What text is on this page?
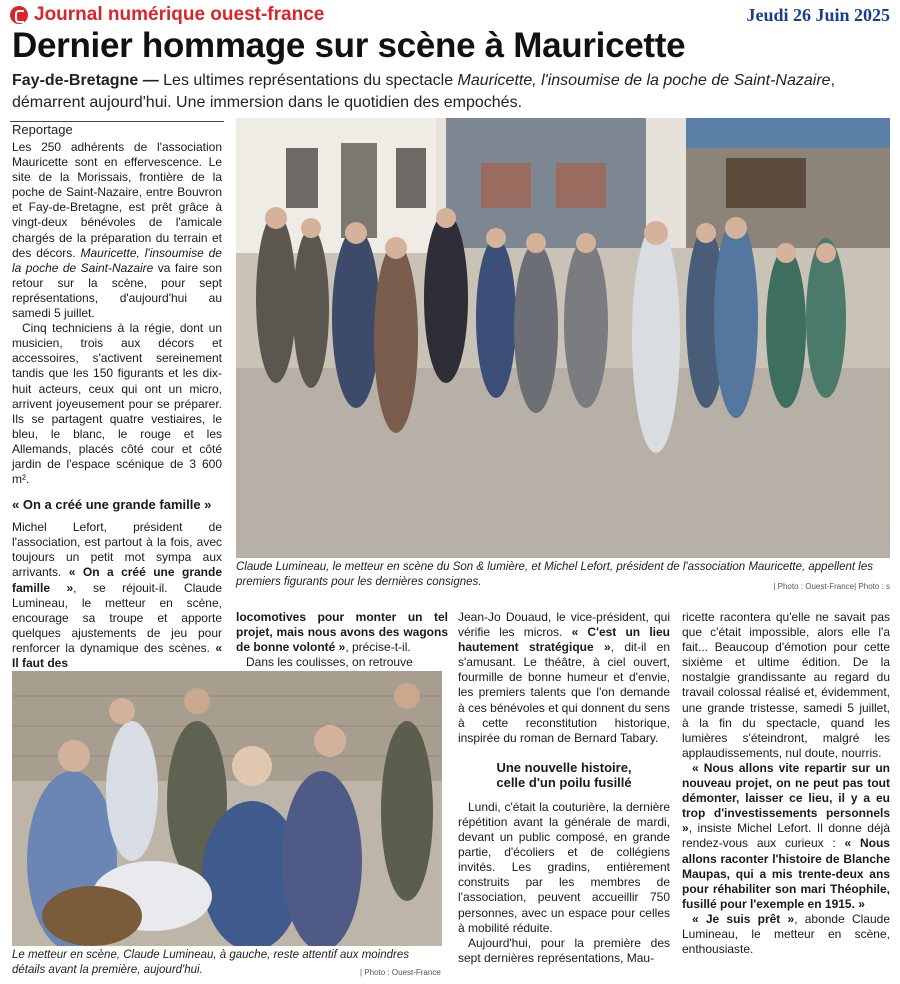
Journal numérique ouest-france	Jeudi 26 Juin 2025
Dernier hommage sur scène à Mauricette
Fay-de-Bretagne — Les ultimes représentations du spectacle Mauricette, l'insoumise de la poche de Saint-Nazaire, démarrent aujourd'hui. Une immersion dans le quotidien des empochés.
Reportage

Les 250 adhérents de l'association Mauricette sont en effervescence. Le site de la Morissais, frontière de la poche de Saint-Nazaire, entre Bouvron et Fay-de-Bretagne, est prêt grâce à vingt-deux bénévoles de l'amicale chargés de la préparation du terrain et des décors. Mauricette, l'insoumise de la poche de Saint-Nazaire va faire son retour sur la scène, pour sept représentations, d'aujourd'hui au samedi 5 juillet.

Cinq techniciens à la régie, dont un musicien, trois aux décors et accessoires, s'activent sereinement tandis que les 150 figurants et les dix-huit acteurs, ceux qui ont un micro, arrivent joyeusement pour se préparer. Ils se partagent quatre vestiaires, le bleu, le blanc, le rouge et les Allemands, placés côté cour et côté jardin de l'espace scénique de 3 600 m².

« On a créé une grande famille »

Michel Lefort, président de l'association, est partout à la fois, avec toujours un petit mot sympa aux arrivants. « On a créé une grande famille », se réjouit-il. Claude Lumineau, le metteur en scène, encourage sa troupe et apporte quelques ajustements de jeu pour renforcer la dynamique des scènes. « Il faut des

Claude Lumineau, le metteur en scène du Son & lumière, et Michel Lefort, président de l'association Mauricette, appellent les premiers figurants pour les dernières consignes.	| Photo : Ouest-France| Photo : s
Le metteur en scène, Claude Lumineau, à gauche, reste attentif aux moindres détails avant la première, aujourd'hui.	| Photo : Ouest-France

locomotives pour monter un tel projet, mais nous avons des wagons de bonne volonté », précise-t-il.

Dans les coulisses, on retrouve

Jean-Jo Douaud, le vice-président, qui vérifie les micros. « C'est un lieu hautement stratégique », dit-il en s'amusant. Le théâtre, à ciel ouvert, fourmille de bonne humeur et d'envie, les premiers talents que l'on demande à ces bénévoles et qui donnent du sens à cette reconstitution historique, inspirée du roman de Bernard Tabary.

Une nouvelle histoire,
celle d'un poilu fusillé

Lundi, c'était la couturière, la dernière répétition avant la générale de mardi, devant un public composé, en grande partie, d'écoliers et de collégiens invités. Les gradins, entièrement construits par les membres de l'association, peuvent accueillir 750 personnes, avec un espace pour celles à mobilité réduite.

Aujourd'hui, pour la première des sept dernières représentations, Mau-

ricette racontera qu'elle ne savait pas que c'était impossible, alors elle l'a fait... Beaucoup d'émotion pour cette sixième et ultime édition. De la nostalgie grandissante au regard du travail colossal réalisé et, évidemment, une grande tristesse, samedi 5 juillet, à la fin du spectacle, quand les lumières s'éteindront, malgré les applaudissements, nul doute, nourris.

« Nous allons vite repartir sur un nouveau projet, on ne peut pas tout démonter, laisser ce lieu, il y a eu trop d'investissements personnels », insiste Michel Lefort. Il donne déjà rendez-vous aux curieux : « Nous allons raconter l'histoire de Blanche Maupas, qui a mis trente-deux ans pour réhabiliter son mari Théophile, fusillé pour l'exemple en 1915. »

« Je suis prêt », abonde Claude Lumineau, le metteur en scène, enthousiaste.
